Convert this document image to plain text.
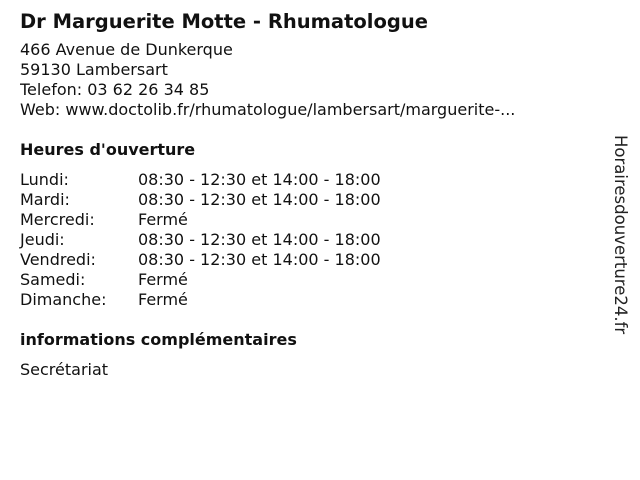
Dr Marguerite Motte - Rhumatologue
466 Avenue de Dunkerque
59130 Lambersart
Telefon: 03 62 26 34 85
Web: www.doctolib.fr/rhumatologue/lambersart/marguerite-...
Heures d'ouverture
Lundi:	08:30 - 12:30 et 14:00 - 18:00
Mardi:	08:30 - 12:30 et 14:00 - 18:00
Mercredi:	Fermé
Jeudi:	08:30 - 12:30 et 14:00 - 18:00
Vendredi:	08:30 - 12:30 et 14:00 - 18:00
Samedi:	Fermé
Dimanche:	Fermé
informations complémentaires
Secrétariat
Horairesdouverture24.fr
